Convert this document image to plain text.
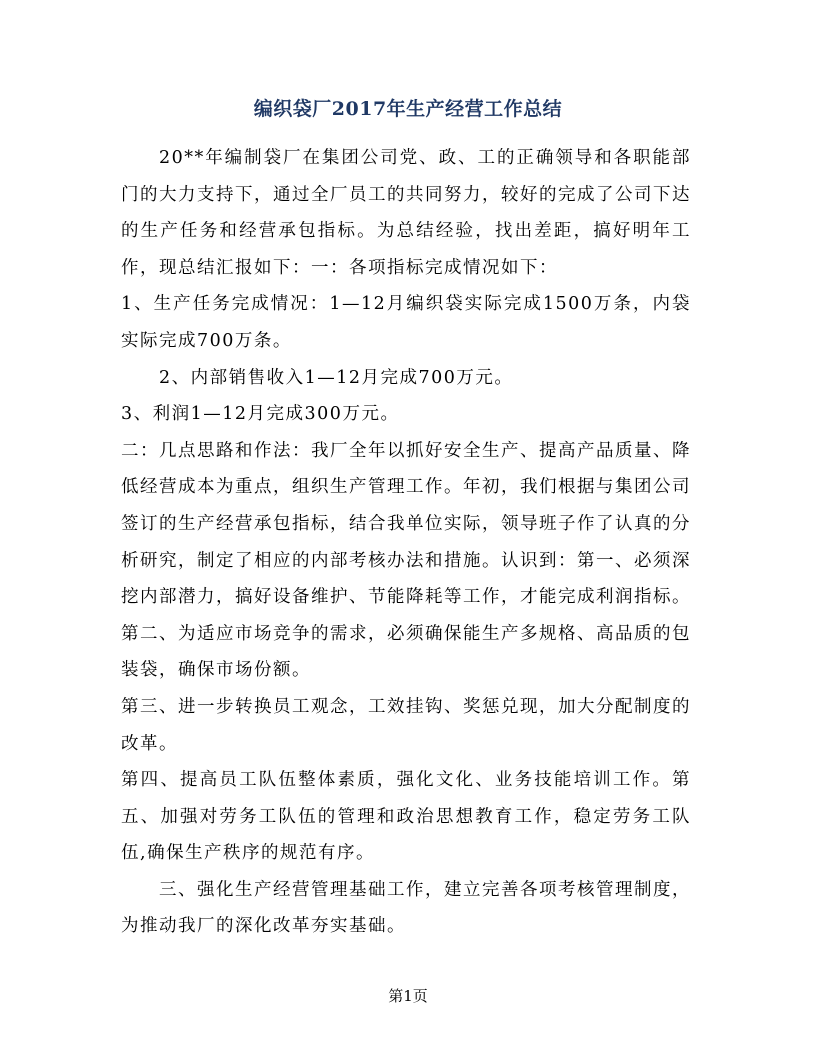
编织袋厂2017年生产经营工作总结

20**年编制袋厂在集团公司党、政、工的正确领导和各职能部门的大力支持下，通过全厂员工的共同努力，较好的完成了公司下达的生产任务和经营承包指标。为总结经验，找出差距，搞好明年工作，现总结汇报如下：一：各项指标完成情况如下：

1、生产任务完成情况：1—12月编织袋实际完成1500万条，内袋实际完成700万条。

2、内部销售收入1—12月完成700万元。

3、利润1—12月完成300万元。

二：几点思路和作法：我厂全年以抓好安全生产、提高产品质量、降低经营成本为重点，组织生产管理工作。年初，我们根据与集团公司签订的生产经营承包指标，结合我单位实际，领导班子作了认真的分析研究，制定了相应的内部考核办法和措施。认识到：第一、必须深挖内部潜力，搞好设备维护、节能降耗等工作，才能完成利润指标。

第二、为适应市场竞争的需求，必须确保能生产多规格、高品质的包装袋，确保市场份额。

第三、进一步转换员工观念，工效挂钩、奖惩兑现，加大分配制度的改革。

第四、提高员工队伍整体素质，强化文化、业务技能培训工作。第五、加强对劳务工队伍的管理和政治思想教育工作，稳定劳务工队伍,确保生产秩序的规范有序。

三、强化生产经营管理基础工作，建立完善各项考核管理制度，为推动我厂的深化改革夯实基础。

第1页
